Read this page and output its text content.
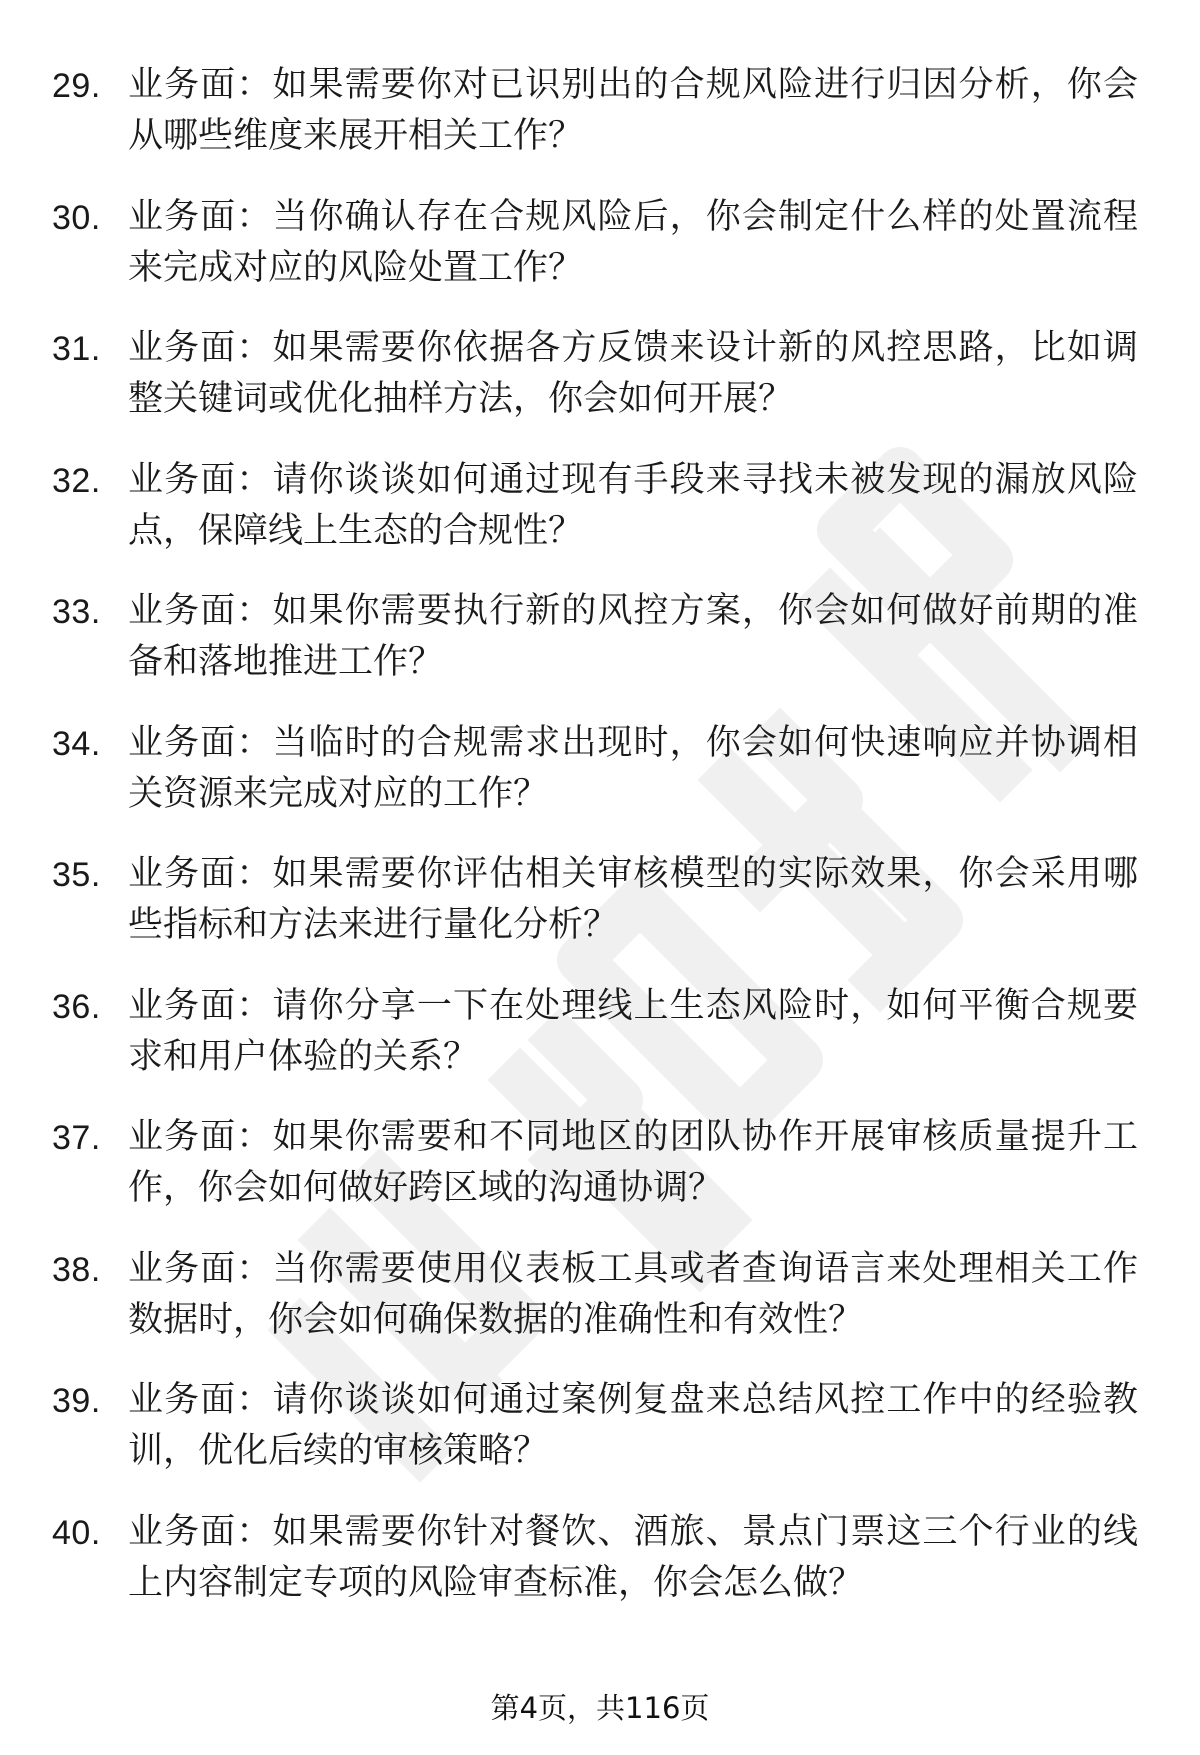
29. 业务面：如果需要你对已识别出的合规风险进行归因分析，你会从哪些维度来展开相关工作？

30. 业务面：当你确认存在合规风险后，你会制定什么样的处置流程来完成对应的风险处置工作？

31. 业务面：如果需要你依据各方反馈来设计新的风控思路，比如调整关键词或优化抽样方法，你会如何开展？

32. 业务面：请你谈谈如何通过现有手段来寻找未被发现的漏放风险点，保障线上生态的合规性？

33. 业务面：如果你需要执行新的风控方案，你会如何做好前期的准备和落地推进工作？

34. 业务面：当临时的合规需求出现时，你会如何快速响应并协调相关资源来完成对应的工作？

35. 业务面：如果需要你评估相关审核模型的实际效果，你会采用哪些指标和方法来进行量化分析？

36. 业务面：请你分享一下在处理线上生态风险时，如何平衡合规要求和用户体验的关系？

37. 业务面：如果你需要和不同地区的团队协作开展审核质量提升工作，你会如何做好跨区域的沟通协调？

38. 业务面：当你需要使用仪表板工具或者查询语言来处理相关工作数据时，你会如何确保数据的准确性和有效性？

39. 业务面：请你谈谈如何通过案例复盘来总结风控工作中的经验教训，优化后续的审核策略？

40. 业务面：如果需要你针对餐饮、酒旅、景点门票这三个行业的线上内容制定专项的风险审查标准，你会怎么做？

第4页，共116页
